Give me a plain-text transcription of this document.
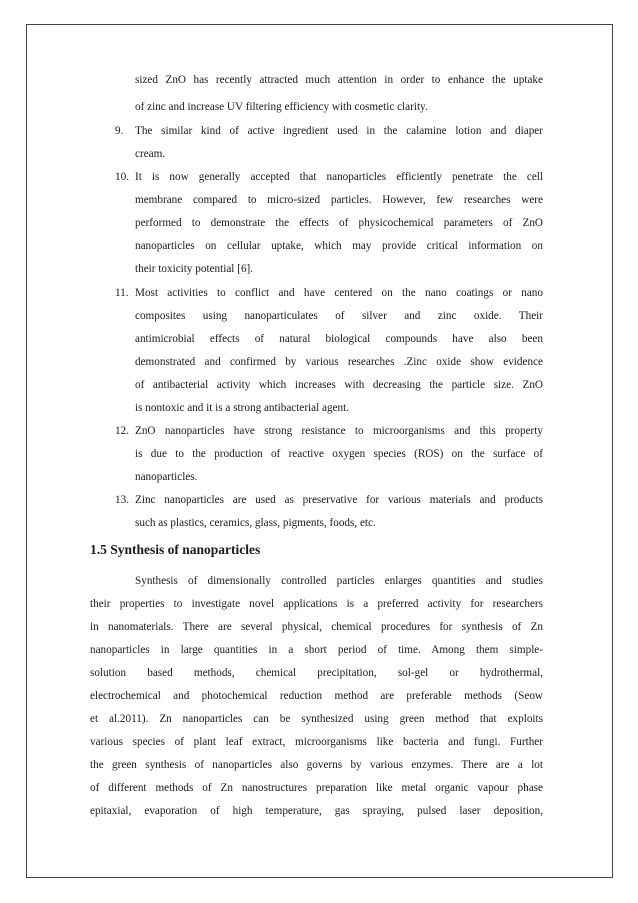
sized ZnO has recently attracted much attention in order to enhance the uptake
of zinc and increase UV filtering efficiency with cosmetic clarity.
9. The similar kind of active ingredient used in the calamine lotion and diaper
cream.
10. It is now generally accepted that nanoparticles efficiently penetrate the cell
membrane compared to micro-sized particles. However, few researches were
performed to demonstrate the effects of physicochemical parameters of ZnO
nanoparticles on cellular uptake, which may provide critical information on
their toxicity potential [6].
11. Most activities to conflict and have centered on the nano coatings or nano
composites using nanoparticulates of silver and zinc oxide. Their
antimicrobial effects of natural biological compounds have also been
demonstrated and confirmed by various researches .Zinc oxide show evidence
of antibacterial activity which increases with decreasing the particle size. ZnO
is nontoxic and it is a strong antibacterial agent.
12. ZnO nanoparticles have strong resistance to microorganisms and this property
is due to the production of reactive oxygen species (ROS) on the surface of
nanoparticles.
13. Zinc nanoparticles are used as preservative for various materials and products
such as plastics, ceramics, glass, pigments, foods, etc.
1.5 Synthesis of nanoparticles
Synthesis of dimensionally controlled particles enlarges quantities and studies
their properties to investigate novel applications is a preferred activity for researchers
in nanomaterials. There are several physical, chemical procedures for synthesis of Zn
nanoparticles in large quantities in a short period of time. Among them simple-
solution based methods, chemical precipitation, sol-gel or hydrothermal,
electrochemical and photochemical reduction method are preferable methods (Seow
et al.2011). Zn nanoparticles can be synthesized using green method that exploits
various species of plant leaf extract, microorganisms like bacteria and fungi. Further
the green synthesis of nanoparticles also governs by various enzymes. There are a lot
of different methods of Zn nanostructures preparation like metal organic vapour phase
epitaxial, evaporation of high temperature, gas spraying, pulsed laser deposition,
